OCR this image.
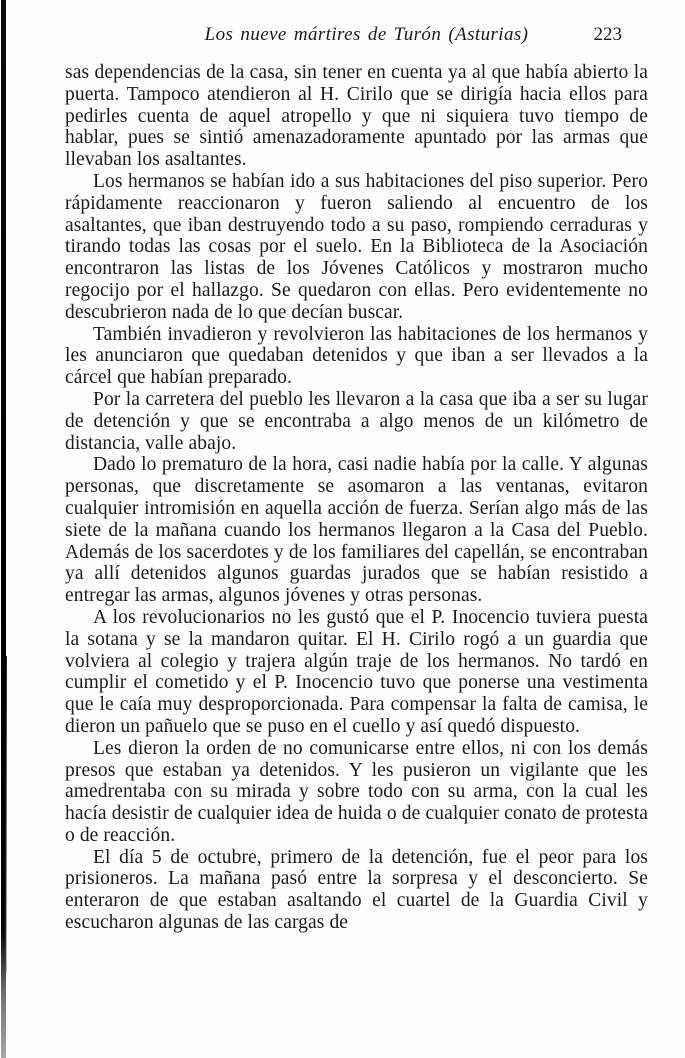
Los nueve mártires de Turón (Asturias)	223

sas dependencias de la casa, sin tener en cuenta ya al que había abierto la puerta. Tampoco atendieron al H. Cirilo que se dirigía hacia ellos para pedirles cuenta de aquel atropello y que ni siquiera tuvo tiempo de hablar, pues se sintió amenazadoramente apuntado por las armas que llevaban los asaltantes.

Los hermanos se habían ido a sus habitaciones del piso superior. Pero rápidamente reaccionaron y fueron saliendo al encuentro de los asaltantes, que iban destruyendo todo a su paso, rompiendo cerraduras y tirando todas las cosas por el suelo. En la Biblioteca de la Asociación encontraron las listas de los Jóvenes Católicos y mostraron mucho regocijo por el hallazgo. Se quedaron con ellas. Pero evidentemente no descubrieron nada de lo que decían buscar.

También invadieron y revolvieron las habitaciones de los hermanos y les anunciaron que quedaban detenidos y que iban a ser llevados a la cárcel que habían preparado.

Por la carretera del pueblo les llevaron a la casa que iba a ser su lugar de detención y que se encontraba a algo menos de un kilómetro de distancia, valle abajo.

Dado lo prematuro de la hora, casi nadie había por la calle. Y algunas personas, que discretamente se asomaron a las ventanas, evitaron cualquier intromisión en aquella acción de fuerza. Serían algo más de las siete de la mañana cuando los hermanos llegaron a la Casa del Pueblo. Además de los sacerdotes y de los familiares del capellán, se encontraban ya allí detenidos algunos guardas jurados que se habían resistido a entregar las armas, algunos jóvenes y otras personas.

A los revolucionarios no les gustó que el P. Inocencio tuviera puesta la sotana y se la mandaron quitar. El H. Cirilo rogó a un guardia que volviera al colegio y trajera algún traje de los hermanos. No tardó en cumplir el cometido y el P. Inocencio tuvo que ponerse una vestimenta que le caía muy desproporcionada. Para compensar la falta de camisa, le dieron un pañuelo que se puso en el cuello y así quedó dispuesto.

Les dieron la orden de no comunicarse entre ellos, ni con los demás presos que estaban ya detenidos. Y les pusieron un vigilante que les amedrentaba con su mirada y sobre todo con su arma, con la cual les hacía desistir de cualquier idea de huida o de cualquier conato de protesta o de reacción.

El día 5 de octubre, primero de la detención, fue el peor para los prisioneros. La mañana pasó entre la sorpresa y el desconcierto. Se enteraron de que estaban asaltando el cuartel de la Guardia Civil y escucharon algunas de las cargas de
